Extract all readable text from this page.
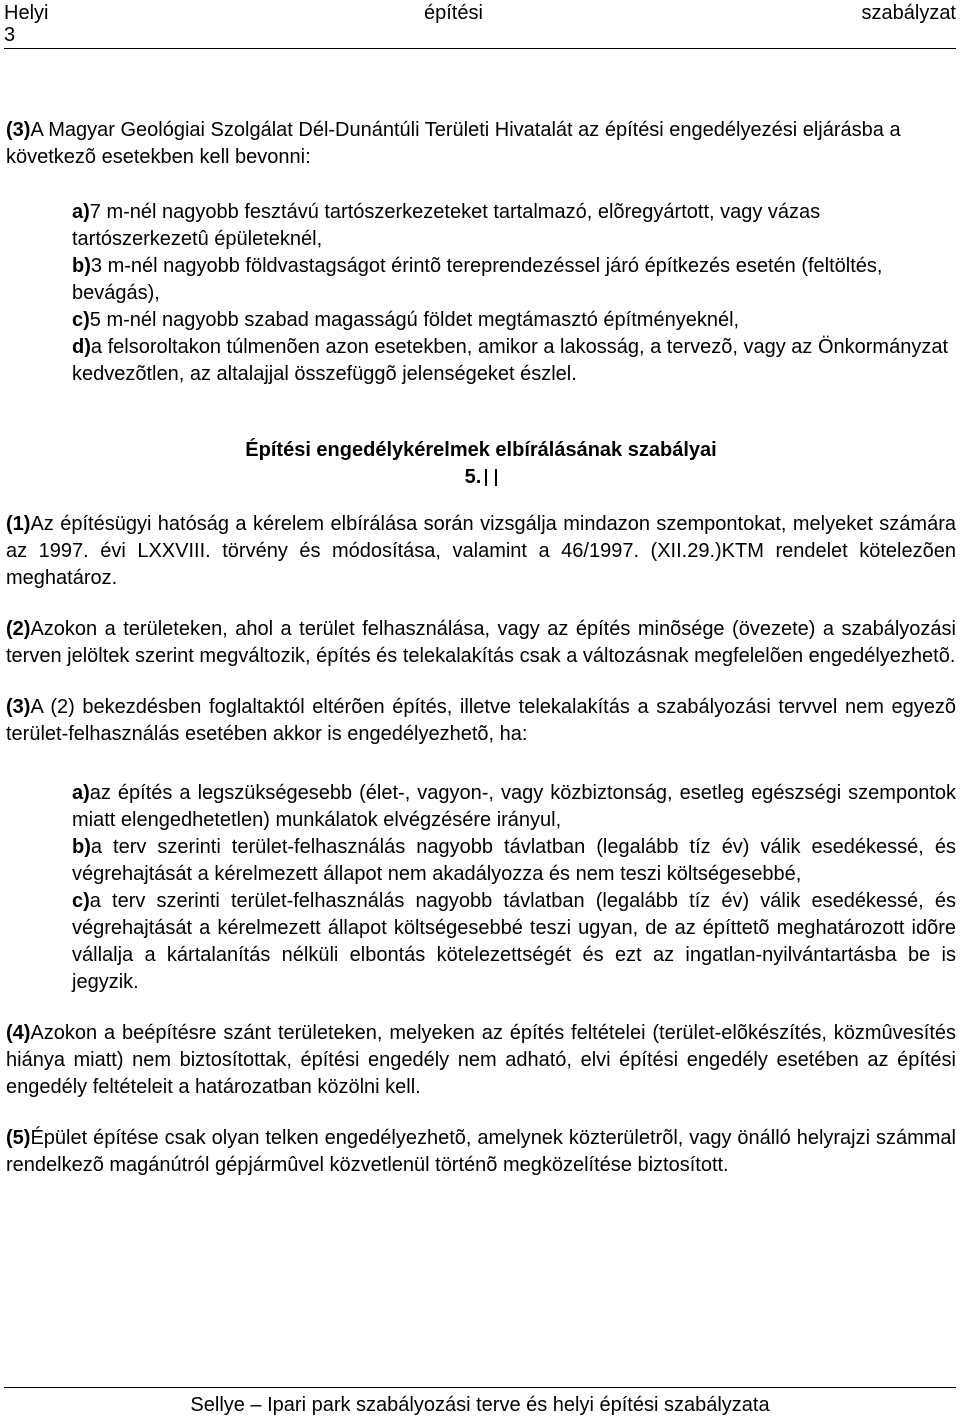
Helyi	építési	szabályzat
3

(3)A Magyar Geológiai Szolgálat Dél-Dunántúli Területi Hivatalát az építési engedélyezési eljárásba a következõ esetekben kell bevonni:

a)7 m-nél nagyobb fesztávú tartószerkezeteket tartalmazó, elõregyártott, vagy vázas tartószerkezetû épületeknél,

b)3 m-nél nagyobb földvastagságot érintõ tereprendezéssel járó építkezés esetén (feltöltés, bevágás),

c)5 m-nél nagyobb szabad magasságú földet megtámasztó építményeknél,

d)a felsoroltakon túlmenõen azon esetekben, amikor a lakosság, a tervezõ, vagy az Önkormányzat kedvezõtlen, az altalajjal összefüggõ jelenségeket észlel.

Építési engedélykérelmek elbírálásának szabályai

5.

(1)Az építésügyi hatóság a kérelem elbírálása során vizsgálja mindazon szempontokat, melyeket számára az 1997. évi LXXVIII. törvény és módosítása, valamint a 46/1997. (XII.29.)KTM rendelet kötelezõen meghatároz.

(2)Azokon a területeken, ahol a terület felhasználása, vagy az építés minõsége (övezete) a szabályozási terven jelöltek szerint megváltozik, építés és telekalakítás csak a változásnak megfelelõen engedélyezhetõ.

(3)A (2) bekezdésben foglaltaktól eltérõen építés, illetve telekalakítás a szabályozási tervvel nem egyezõ terület-felhasználás esetében akkor is engedélyezhetõ, ha:

a)az építés a legszükségesebb (élet-, vagyon-, vagy közbiztonság, esetleg egészségi szempontok miatt elengedhetetlen) munkálatok elvégzésére irányul,

b)a terv szerinti terület-felhasználás nagyobb távlatban (legalább tíz év) válik esedékessé, és végrehajtását a kérelmezett állapot nem akadályozza és nem teszi költségesebbé,

c)a terv szerinti terület-felhasználás nagyobb távlatban (legalább tíz év) válik esedékessé, és végrehajtását a kérelmezett állapot költségesebbé teszi ugyan, de az építtetõ meghatározott idõre vállalja a kártalanítás nélküli elbontás kötelezettségét és ezt az ingatlan-nyilvántartásba be is jegyzik.

(4)Azokon a beépítésre szánt területeken, melyeken az építés feltételei (terület-elõkészítés, közmûvesítés hiánya miatt) nem biztosítottak, építési engedély nem adható, elvi építési engedély esetében az építési engedély feltételeit a határozatban közölni kell.

(5)Épület építése csak olyan telken engedélyezhetõ, amelynek közterületrõl, vagy önálló helyrajzi számmal rendelkezõ magánútról gépjármûvel közvetlenül történõ megközelítése biztosított.

Sellye – Ipari park szabályozási terve és helyi építési szabályzata
